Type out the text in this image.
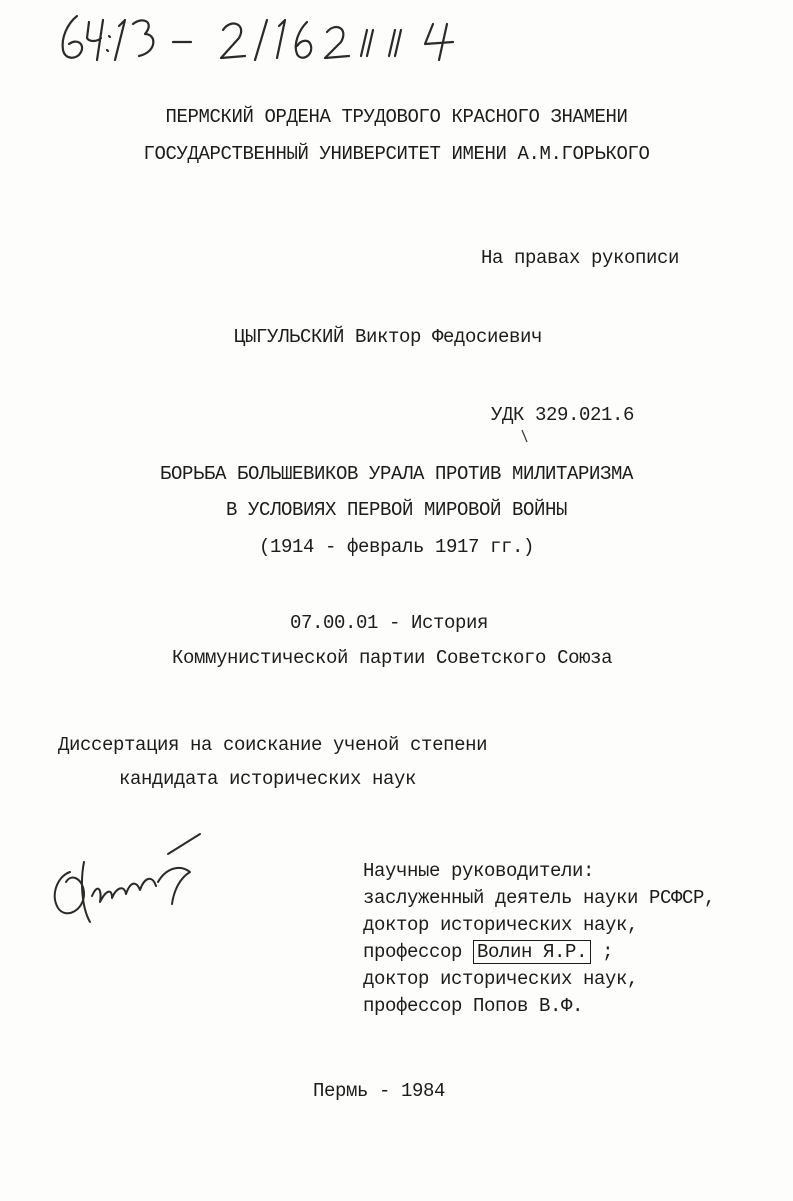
ПЕРМСКИЙ ОРДЕНА ТРУДОВОГО КРАСНОГО ЗНАМЕНИ
ГОСУДАРСТВЕННЫЙ УНИВЕРСИТЕТ ИМЕНИ А.М.ГОРЬКОГО
На правах рукописи
ЦЫГУЛЬСКИЙ Виктор Федосиевич
УДК 329.021.6
БОРЬБА БОЛЬШЕВИКОВ УРАЛА ПРОТИВ МИЛИТАРИЗМА
В УСЛОВИЯХ ПЕРВОЙ МИРОВОЙ ВОЙНЫ
(1914 - февраль 1917 гг.)
07.00.01 - История
Коммунистической партии Советского Союза
Диссертация на соискание ученой степени
кандидата исторических наук
Научные руководители:
заслуженный деятель науки РСФСР,
доктор исторических наук,
профессор Волин Я.Р. ;
доктор исторических наук,
профессор Попов В.Ф.
Пермь - 1984
